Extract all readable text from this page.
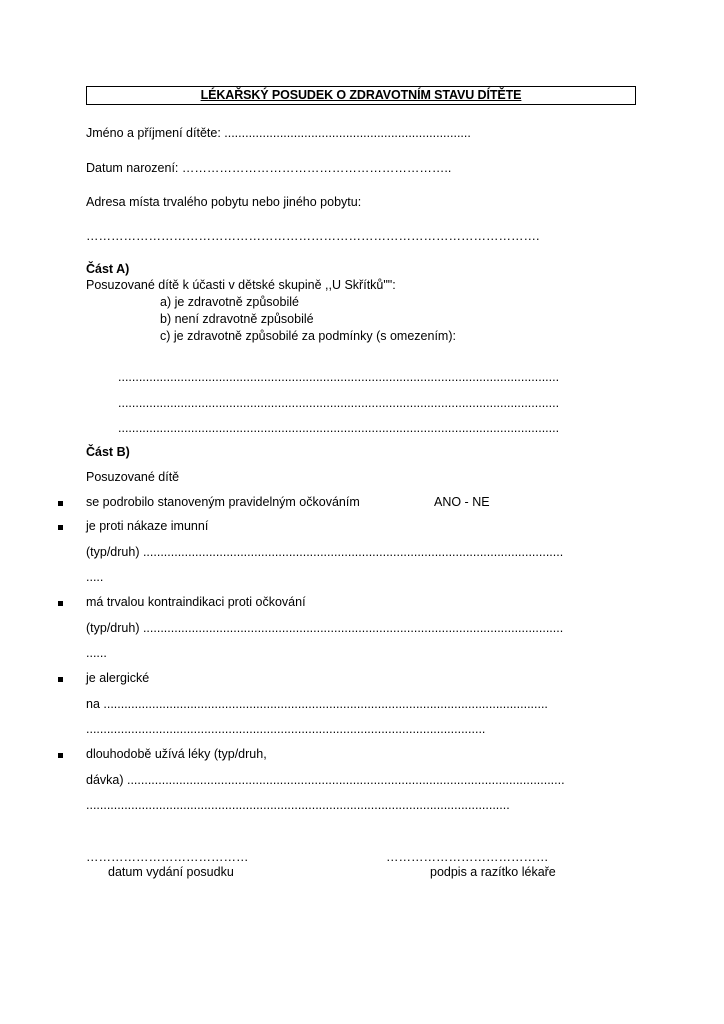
LÉKAŘSKÝ POSUDEK O ZDRAVOTNÍM STAVU DÍTĚTE
Jméno a příjmení dítěte: .......................................................................
Datum narození: ………………………………………………………..
Adresa místa trvalého pobytu nebo jiného pobytu:
……………………………………………………………………………………………….
Část A)
Posuzované dítě k účasti v dětské skupině ,,U Skřítků"":
a) je zdravotně způsobilé
b) není zdravotně způsobilé
c) je zdravotně způsobilé za podmínky (s omezením):
...............................................................................................................................
...............................................................................................................................
...............................................................................................................................
Část B)
Posuzované dítě
se podrobilo stanoveným pravidelným očkováním	ANO - NE
je proti nákaze imunní
(typ/druh) .........................................................................................................................
.....
má trvalou kontraindikaci proti očkování
(typ/druh) .........................................................................................................................
......
je alergické
na ................................................................................................................................
...................................................................................................................
dlouhodobě užívá léky (typ/druh,
dávka) ..............................................................................................................................
..........................................................................................................................
…………………………………
datum vydání posudku
…………………………………
podpis a razítko lékaře
